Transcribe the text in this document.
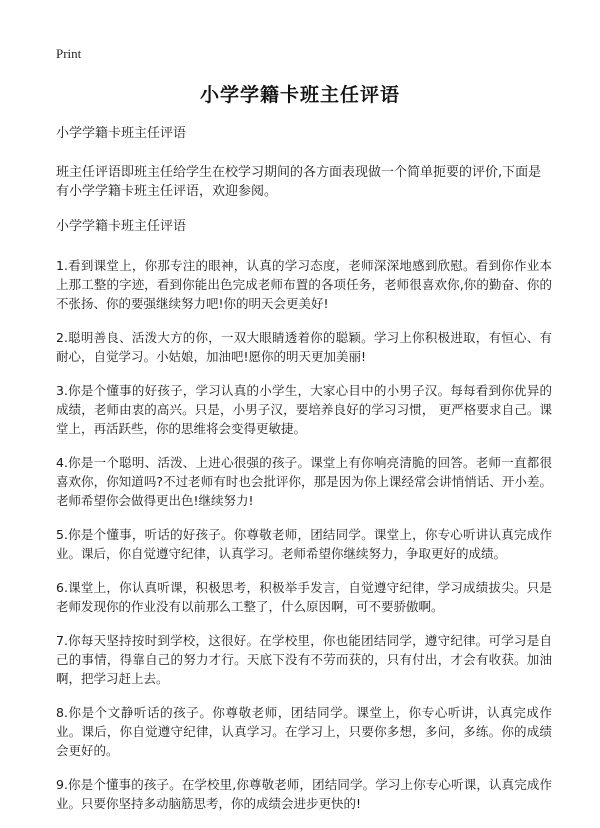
Print
小学学籍卡班主任评语

小学学籍卡班主任评语

班主任评语即班主任给学生在校学习期间的各方面表现做一个简单扼要的评价,下面是有小学学籍卡班主任评语，欢迎参阅。

小学学籍卡班主任评语

1.看到课堂上，你那专注的眼神，认真的学习态度，老师深深地感到欣慰。看到你作业本上那工整的字迹，看到你能出色完成老师布置的各项任务，老师很喜欢你,你的勤奋、你的不张扬、你的要强继续努力吧!你的明天会更美好!

2.聪明善良、活泼大方的你，一双大眼睛透着你的聪颖。学习上你积极进取，有恒心、有耐心，自觉学习。小姑娘，加油吧!愿你的明天更加美丽!

3.你是个懂事的好孩子，学习认真的小学生，大家心目中的小男子汉。每每看到你优异的成绩，老师由衷的高兴。只是，小男子汉，要培养良好的学习习惯， 更严格要求自己。课堂上，再活跃些，你的思维将会变得更敏捷。

4.你是一个聪明、活泼、上进心很强的孩子。课堂上有你响亮清脆的回答。老师一直都很喜欢你，你知道吗?不过老师有时也会批评你，那是因为你上课经常会讲悄悄话、开小差。老师希望你会做得更出色!继续努力!

5.你是个懂事，听话的好孩子。你尊敬老师，团结同学。课堂上，你专心听讲认真完成作业。课后，你自觉遵守纪律，认真学习。老师希望你继续努力，争取更好的成绩。

6.课堂上，你认真听课，积极思考，积极举手发言，自觉遵守纪律，学习成绩拔尖。只是老师发现你的作业没有以前那么工整了，什么原因啊，可不要骄傲啊。

7.你每天坚持按时到学校，这很好。在学校里，你也能团结同学，遵守纪律。可学习是自己的事情，得靠自己的努力才行。天底下没有不劳而获的，只有付出，才会有收获。加油啊，把学习赶上去。

8.你是个文静听话的孩子。你尊敬老师，团结同学。课堂上，你专心听讲，认真完成作业。课后，你自觉遵守纪律，认真学习。在学习上，只要你多想，多问，多练。你的成绩会更好的。

9.你是个懂事的孩子。在学校里,你尊敬老师，团结同学。学习上你专心听课，认真完成作业。只要你坚持多动脑筋思考，你的成绩会进步更快的!
